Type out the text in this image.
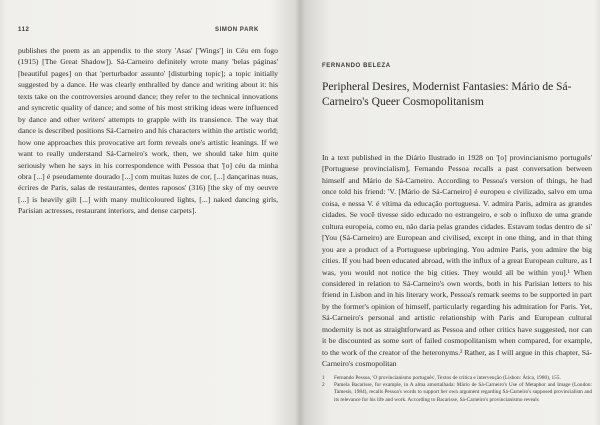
112	SIMON PARK
publishes the poem as an appendix to the story 'Asas' ['Wings'] in Céu em fogo (1915) [The Great Shadow]). Sá-Carneiro definitely wrote many 'belas páginas' [beautiful pages] on that 'perturbador assunto' [disturbing topic]; a topic initially suggested by a dance. He was clearly enthralled by dance and writing about it: his texts take on the controversies around dance; they refer to the technical innovations and syncretic quality of dance; and some of his most striking ideas were influenced by dance and other writers' attempts to grapple with its transience. The way that dance is described positions Sá-Carneiro and his characters within the artistic world; how one approaches this provocative art form reveals one's artistic leanings. If we want to really understand Sá-Carneiro's work, then, we should take him quite seriously when he says in his correspondence with Pessoa that '[o] céu da minha obra [...] é pseudamente dourado [...] com muitas luzes de cor, [...] dançarinas nuas, écrires de Paris, salas de restaurantes, dentes raposos' (316) [the sky of my oeuvre [...] is heavily gilt [...] with many multicoloured lights, [...] naked dancing girls, Parisian actresses, restaurant interiors, and dense carpets].
FERNANDO BELEZA
Peripheral Desires, Modernist Fantasies: Mário de Sá-Carneiro's Queer Cosmopolitanism
In a text published in the Diário Ilustrado in 1928 on '[o] provincianismo português' [Portuguese provincialism], Fernando Pessoa recalls a past conversation between himself and Mário de Sá-Carneiro. According to Pessoa's version of things, he had once told his friend: 'V. [Mário de Sá-Carneiro] é europeu e civilizado, salvo em uma coisa, e nessa V. é vítima da educação portuguesa. V. admira Paris, admira as grandes cidades. Se você tivesse sido educado no estrangeiro, e sob o influxo de uma grande cultura europeia, como eu, não daria pelas grandes cidades. Estavam todas dentro de si' [You (Sá-Carneiro) are European and civilised, except in one thing, and in that thing you are a product of a Portuguese upbringing. You admire Paris, you admire the big cities. If you had been educated abroad, with the influx of a great European culture, as I was, you would not notice the big cities. They would all be within you].¹ When considered in relation to Sá-Carneiro's own words, both in his Parisian letters to his friend in Lisbon and in his literary work, Pessoa's remark seems to be supported in part by the former's opinion of himself, particularly regarding his admiration for Paris. Yet, Sá-Carneiro's personal and artistic relationship with Paris and European cultural modernity is not as straightforward as Pessoa and other critics have suggested, nor can it be discounted as some sort of failed cosmopolitanism when compared, for example, to the work of the creator of the heteronyms.² Rather, as I will argue in this chapter, Sá-Carneiro's cosmopolitan
1 Fernando Pessoa, 'O provincianismo português', Textos de crítica e intervenção (Lisbon: Ática, 1980), 155.
2 Pamela Bacarisse, for example, in A alma amortalhada: Mário de Sá-Carneiro's Use of Metaphor and Image (London: Tamesis, 1984), recalls Pessoa's words to support her own argument regarding Sá-Carneiro's supposed provincialism and its relevance for his life and work. According to Bacarisse, Sá-Carneiro's provincianismo reveals
